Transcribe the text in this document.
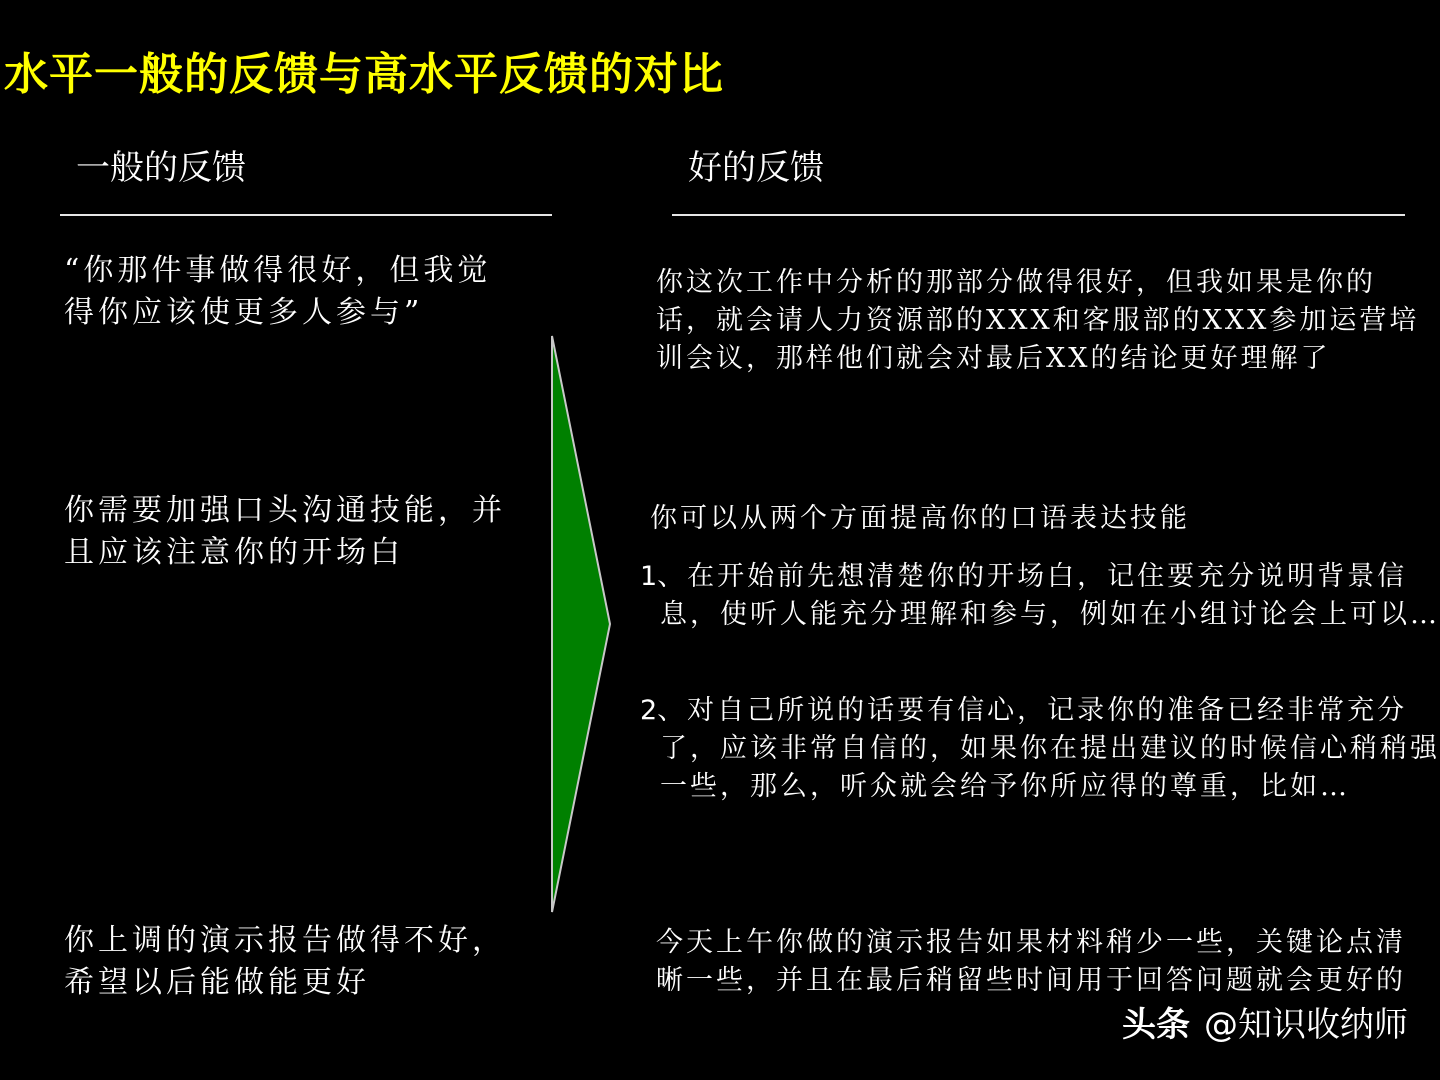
水平一般的反馈与高水平反馈的对比
一般的反馈	好的反馈
“你那件事做得很好，但我觉得你应该使更多人参与”
你需要加强口头沟通技能，并且应该注意你的开场白
你上调的演示报告做得不好，希望以后能做能更好
你这次工作中分析的那部分做得很好，但我如果是你的话，就会请人力资源部的XXX和客服部的XXX参加运营培训会议，那样他们就会对最后XX的结论更好理解了
你可以从两个方面提高你的口语表达技能
1、在开始前先想清楚你的开场白，记住要充分说明背景信息，使听人能充分理解和参与，例如在小组讨论会上可以…
2、对自己所说的话要有信心，记录你的准备已经非常充分了，应该非常自信的，如果你在提出建议的时候信心稍稍强一些，那么，听众就会给予你所应得的尊重，比如…
今天上午你做的演示报告如果材料稍少一些，关键论点清晰一些，并且在最后稍留些时间用于回答问题就会更好的
头条 @知识收纳师
